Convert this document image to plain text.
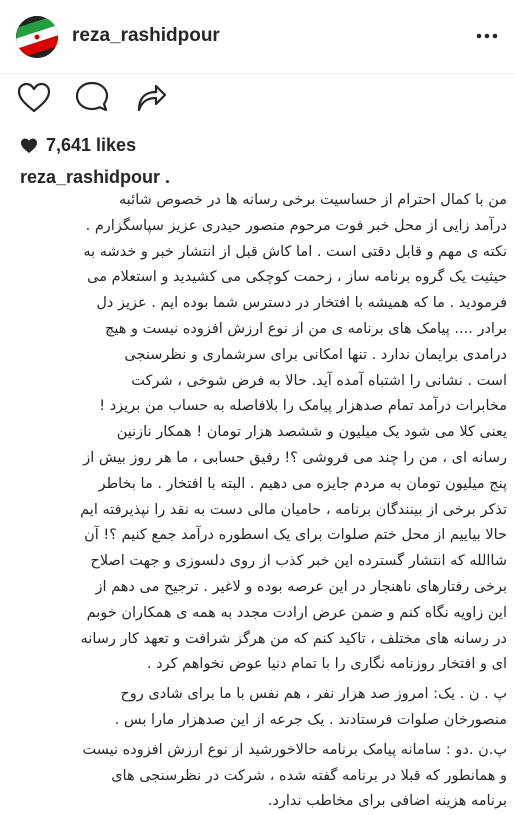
reza_rashidpour
7,641 likes
reza_rashidpour .
من با کمال احترام از حساسیت برخی رسانه ها در خصوص شائبه
درآمد زایی از محل خبر فوت مرحوم منصور حیدری عزیز سپاسگزارم .
نکته ی مهم و قابل دقتی است . اما کاش قبل از انتشار خبر و خدشه به
حیثیت یک گروه برنامه ساز ، زحمت کوچکی می کشیدید و استعلام می
فرمودید . ما که همیشه با افتخار در دسترس شما بوده ایم . عزیز دل
برادر .... پیامک های برنامه ی من از نوع ارزش افزوده نیست و هیچ
درامدی برایمان ندارد . تنها امکانی برای سرشماری و نظرسنجی
است . نشانی را اشتباه آمده آید. حالا به فرض شوخی ، شرکت
مخابرات درآمد تمام صدهزار پیامک را بلافاصله به حساب من بریزد !
یعنی کلا می شود یک میلیون و ششصد هزار تومان ! همکار نازنین
رسانه ای ، من را چند می فروشی ؟! رفیق حسابی ، ما هر روز بیش از
پنج میلیون تومان به مردم جایزه می دهیم . البته با افتخار . ما بخاطر
تذکر برخی از بینندگان برنامه ، حامیان مالی دست به نقد را نپذیرفته ایم
حالا بیاییم از محل ختم صلوات برای یک اسطوره درآمد جمع کنیم ؟! آن
شاالله که انتشار گسترده این خبر کذب از روی دلسوزی و جهت اصلاح
برخی رفتارهای ناهنجار در این عرصه بوده و لاغیر . ترجیح می دهم از
این زاویه نگاه کنم و ضمن عرض ارادت مجدد به همه ی همکاران خوبم
در رسانه های مختلف ، تاکید کنم که من هرگز شرافت و تعهد کار رسانه
ای و افتخار روزنامه نگاری را با تمام دنیا عوض نخواهم کرد .
پ . ن . یک: امروز صد هزار نفر ، هم نفس با ما برای شادی روح
منصورخان صلوات فرستادند . یک جرعه از این صدهزار مارا بس .
پ.ن .دو : سامانه پیامک برنامه حالاخورشید از نوع ارزش افزوده نیست
و همانطور که قبلا در برنامه گفته شده ، شرکت در نظرسنجی های
برنامه هزینه اضافی برای مخاطب ندارد.
